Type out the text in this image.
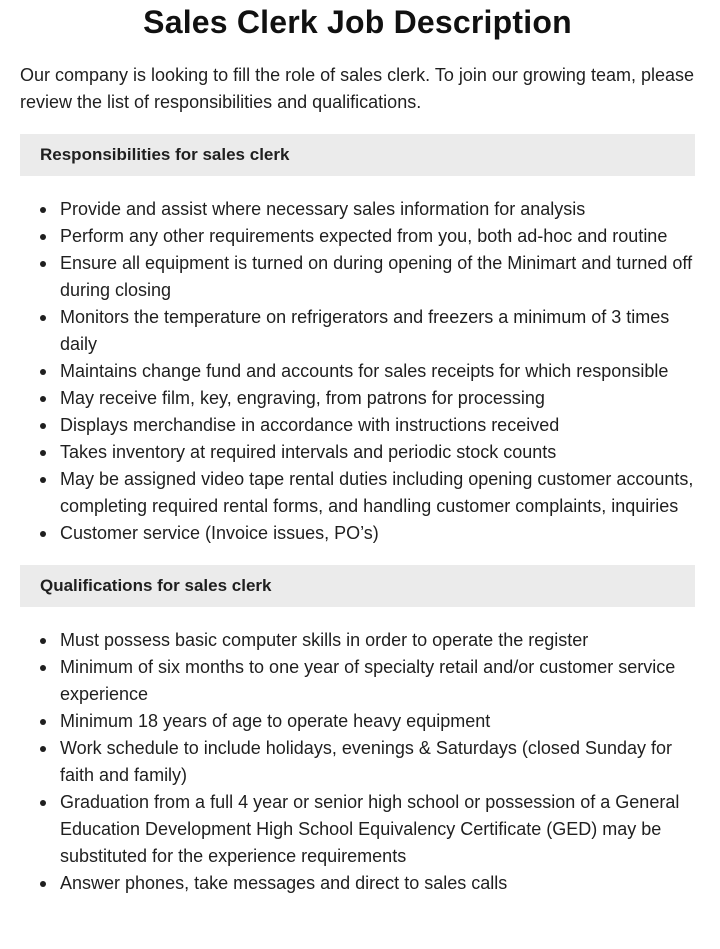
Sales Clerk Job Description

Our company is looking to fill the role of sales clerk. To join our growing team, please review the list of responsibilities and qualifications.

Responsibilities for sales clerk
Provide and assist where necessary sales information for analysis
Perform any other requirements expected from you, both ad-hoc and routine
Ensure all equipment is turned on during opening of the Minimart and turned off during closing
Monitors the temperature on refrigerators and freezers a minimum of 3 times daily
Maintains change fund and accounts for sales receipts for which responsible
May receive film, key, engraving, from patrons for processing
Displays merchandise in accordance with instructions received
Takes inventory at required intervals and periodic stock counts
May be assigned video tape rental duties including opening customer accounts, completing required rental forms, and handling customer complaints, inquiries
Customer service (Invoice issues, PO’s)
Qualifications for sales clerk
Must possess basic computer skills in order to operate the register
Minimum of six months to one year of specialty retail and/or customer service experience
Minimum 18 years of age to operate heavy equipment
Work schedule to include holidays, evenings & Saturdays (closed Sunday for faith and family)
Graduation from a full 4 year or senior high school or possession of a General Education Development High School Equivalency Certificate (GED) may be substituted for the experience requirements
Answer phones, take messages and direct to sales calls
